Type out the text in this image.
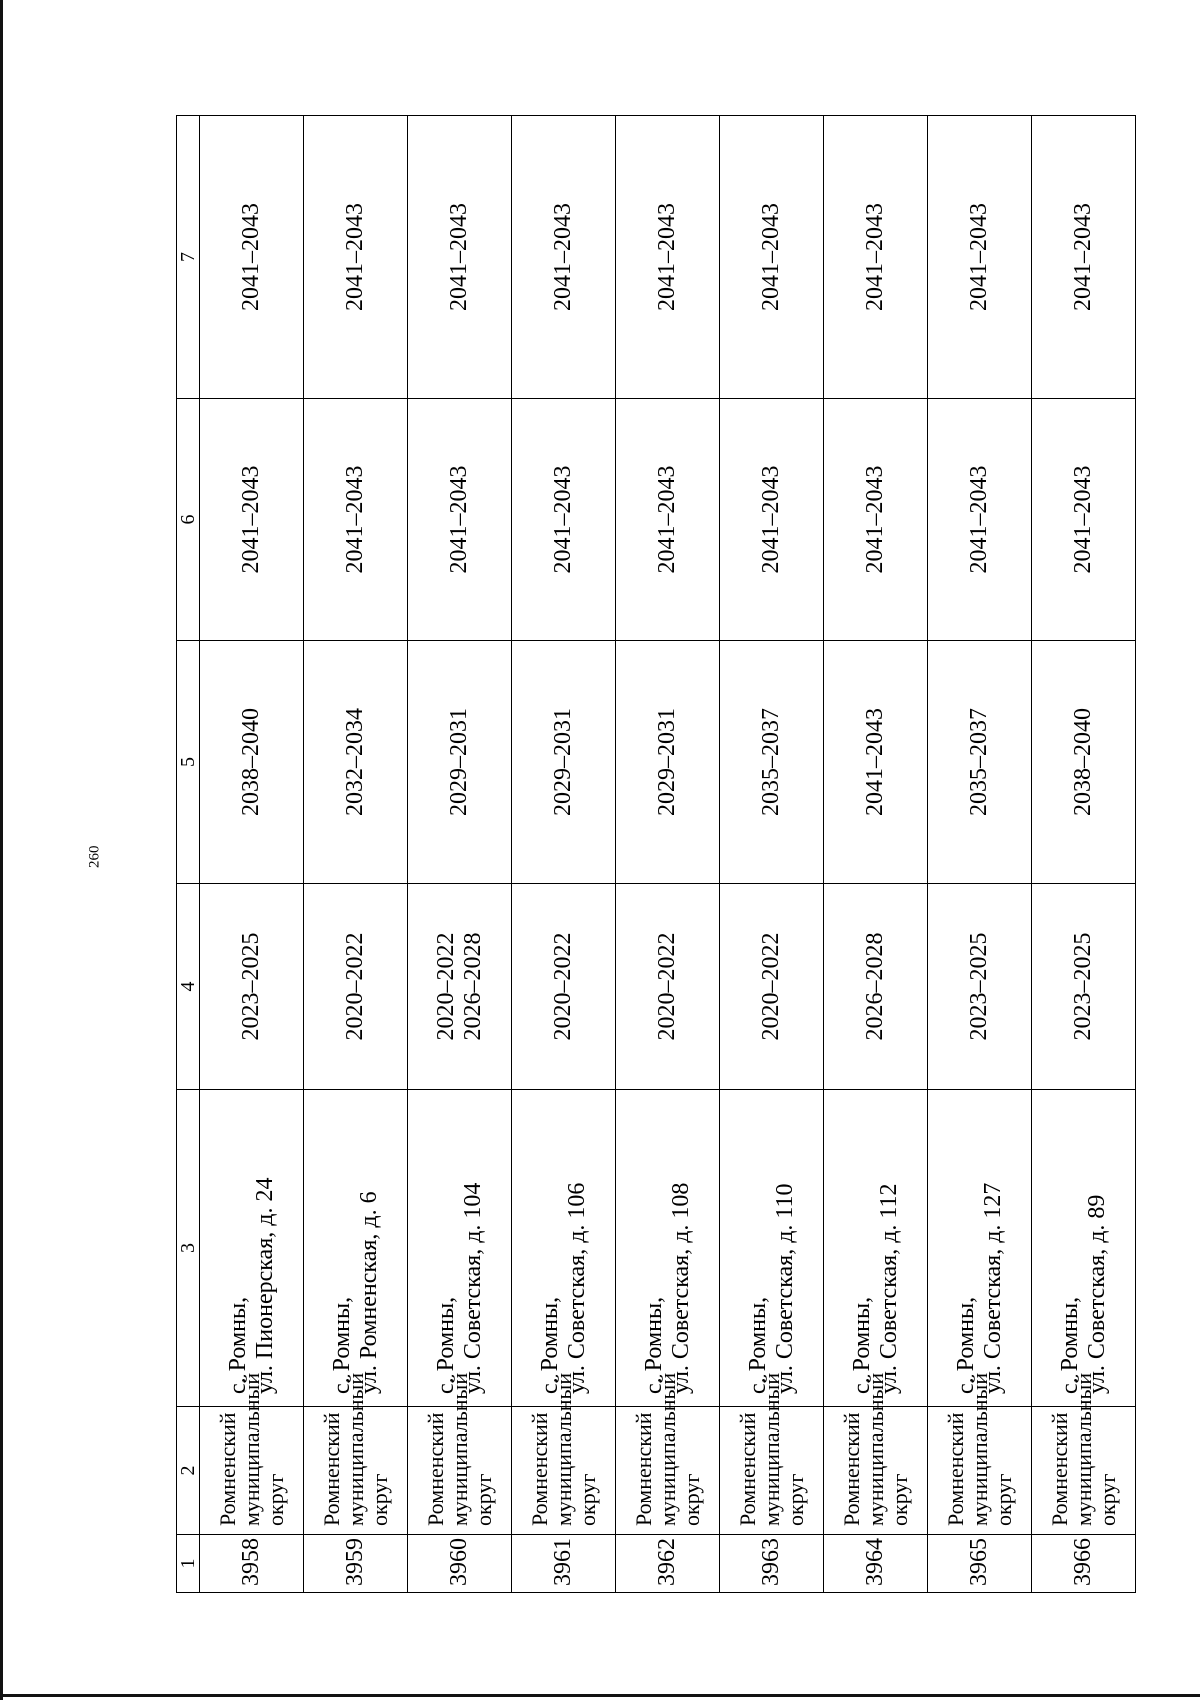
260
1	2	3	4	5	6	7

3958	Ромненский
муниципальный
округ	с. Ромны, ул. Пионерская, д. 24	2023–2025	2038–2040	2041–2043	2041–2043

3959	Ромненский
муниципальный
округ	с. Ромны, ул. Ромненская, д. 6	2020–2022	2032–2034	2041–2043	2041–2043

3960	Ромненский
муниципальный
округ	с. Ромны, ул. Советская, д. 104	2020–2022 2026–2028	2029–2031	2041–2043	2041–2043

3961	Ромненский
муниципальный
округ	с. Ромны, ул. Советская, д. 106	2020–2022	2029–2031	2041–2043	2041–2043

3962	Ромненский
муниципальный
округ	с. Ромны, ул. Советская, д. 108	2020–2022	2029–2031	2041–2043	2041–2043

3963	Ромненский
муниципальный
округ	с. Ромны, ул. Советская, д. 110	2020–2022	2035–2037	2041–2043	2041–2043

3964	Ромненский
муниципальный
округ	с. Ромны, ул. Советская, д. 112	2026–2028	2041–2043	2041–2043	2041–2043

3965	Ромненский
муниципальный
округ	с. Ромны, ул. Советская, д. 127	2023–2025	2035–2037	2041–2043	2041–2043

3966	Ромненский
муниципальный
округ	с. Ромны, ул. Советская, д. 89	2023–2025	2038–2040	2041–2043	2041–2043
